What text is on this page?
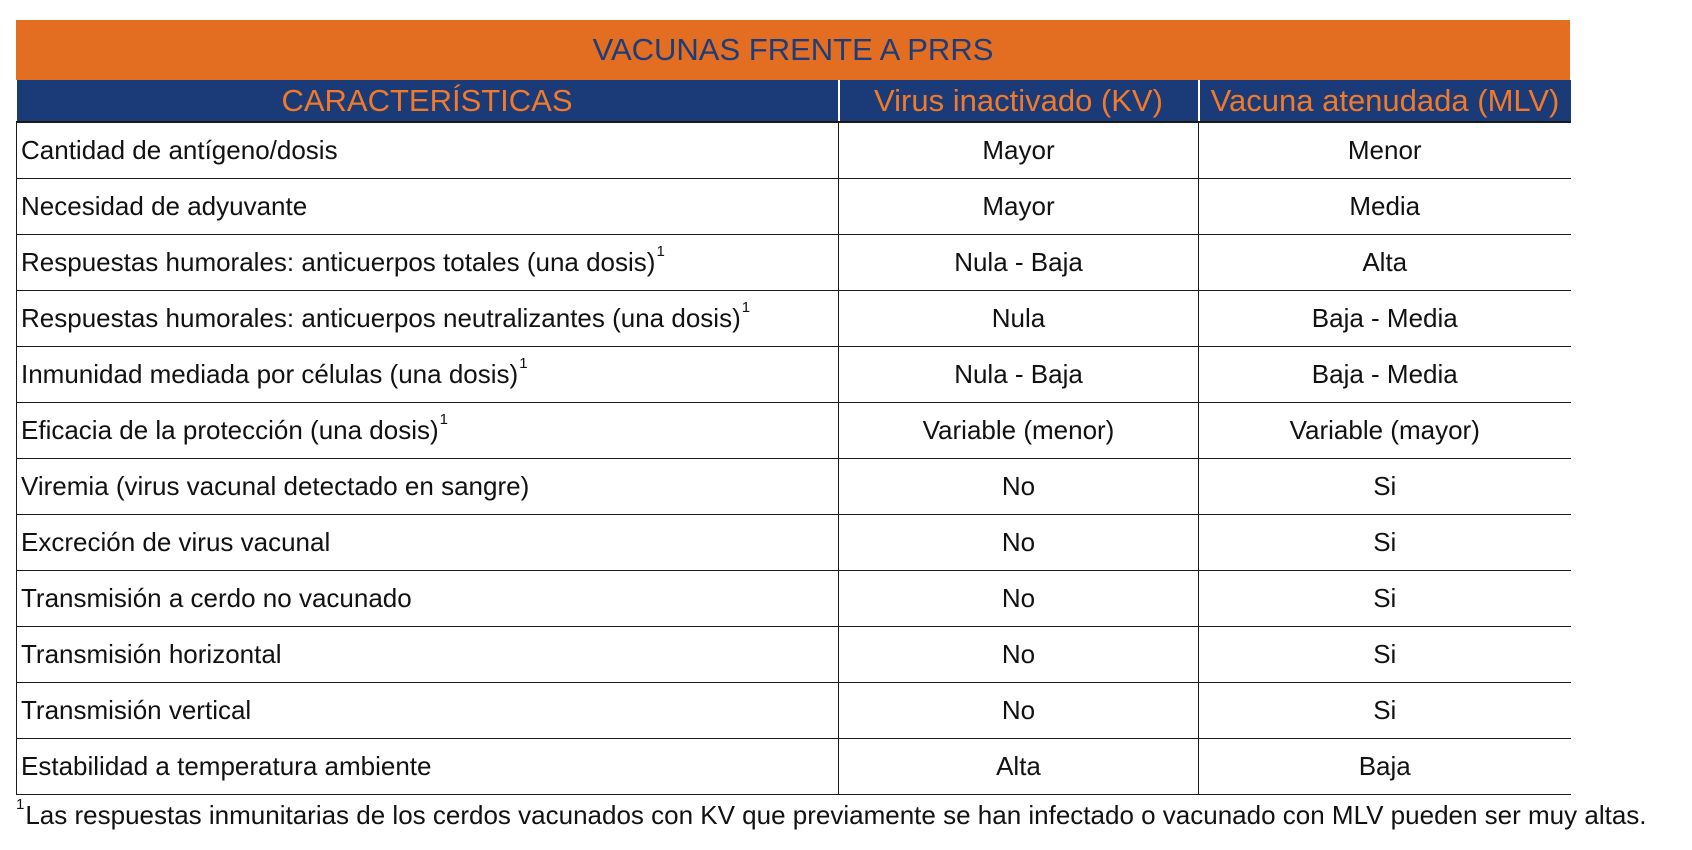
VACUNAS FRENTE A PRRS
CARACTERÍSTICAS	Virus inactivado (KV)	Vacuna atenudada (MLV)
Cantidad de antígeno/dosis	Mayor	Menor
Necesidad de adyuvante	Mayor	Media
Respuestas humorales: anticuerpos totales (una dosis)$^1$	Nula - Baja	Alta
Respuestas humorales: anticuerpos neutralizantes (una dosis)$^1$	Nula	Baja - Media
Inmunidad mediada por células (una dosis)$^1$	Nula - Baja	Baja - Media
Eficacia de la protección (una dosis)$^1$	Variable (menor)	Variable (mayor)
Viremia (virus vacunal detectado en sangre)	No	Si
Excreción de virus vacunal	No	Si
Transmisión a cerdo no vacunado	No	Si
Transmisión horizontal	No	Si
Transmisión vertical	No	Si
Estabilidad a temperatura ambiente	Alta	Baja
$^1$Las respuestas inmunitarias de los cerdos vacunados con KV que previamente se han infectado o vacunado con MLV pueden ser muy altas.
